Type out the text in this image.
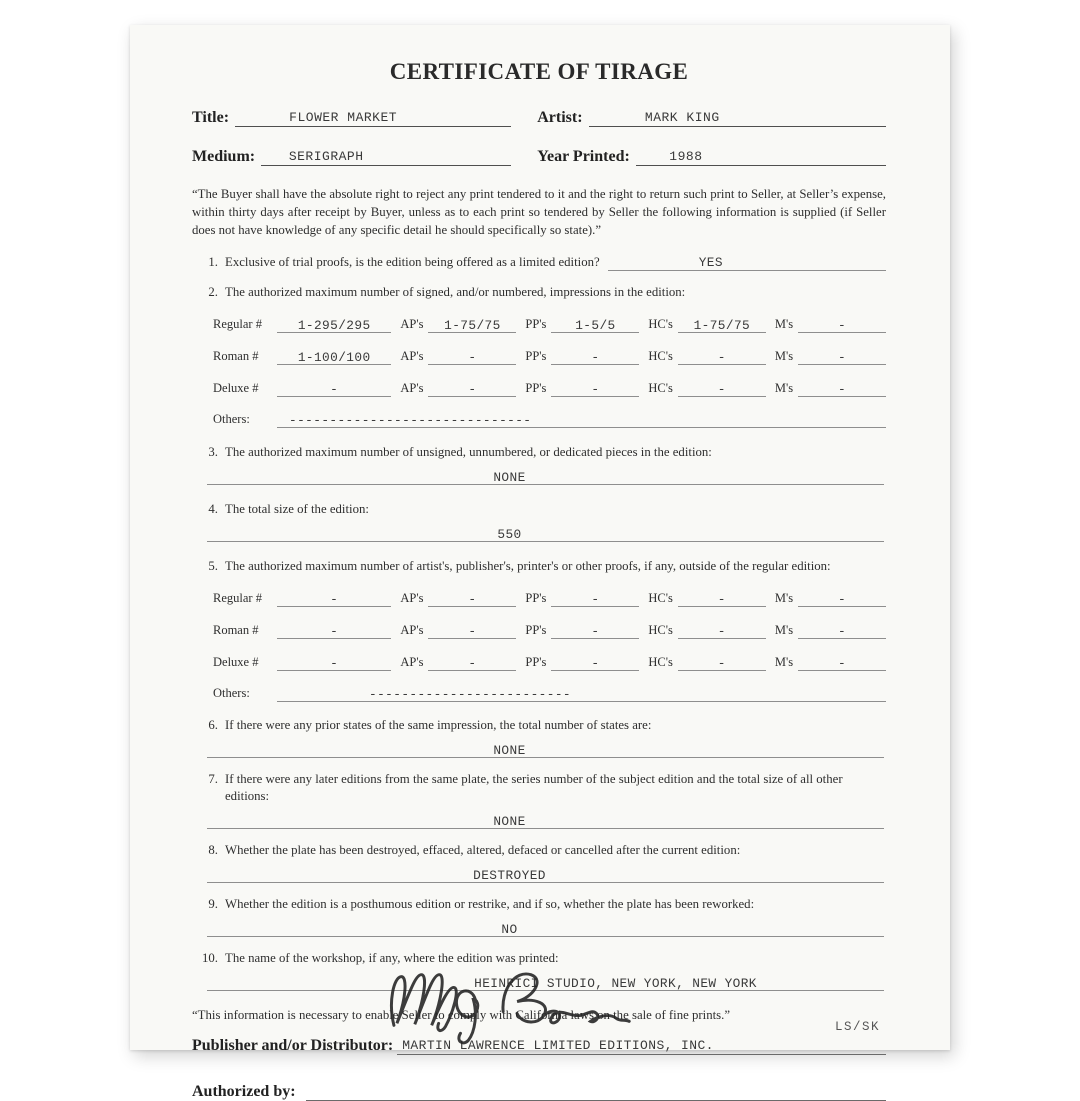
CERTIFICATE OF TIRAGE
Title:	FLOWER MARKET	Artist:	MARK KING
Medium:	SERIGRAPH	Year Printed:	1988

“The Buyer shall have the absolute right to reject any print tendered to it and the right to return such print to Seller, at Seller’s expense, within thirty days after receipt by Buyer, unless as to each print so tendered by Seller the following information is supplied (if Seller does not have knowledge of any specific detail he should specifically so state).”

1. Exclusive of trial proofs, is the edition being offered as a limited edition?	YES
2. The authorized maximum number of signed, and/or numbered, impressions in the edition:
Regular #	1-295/295	AP's	1-75/75	PP's	1-5/5	HC's	1-75/75	M's	-
Roman #	1-100/100	AP's	-	PP's	-	HC's	-	M's	-
Deluxe #	-	AP's	-	PP's	-	HC's	-	M's	-
Others:	------------------------------
3. The authorized maximum number of unsigned, unnumbered, or dedicated pieces in the edition:
NONE
4. The total size of the edition:
550
5. The authorized maximum number of artist's, publisher's, printer's or other proofs, if any, outside of the regular edition:
Regular #	-	AP's	-	PP's	-	HC's	-	M's	-
Roman #	-	AP's	-	PP's	-	HC's	-	M's	-
Deluxe #	-	AP's	-	PP's	-	HC's	-	M's	-
Others:	-------------------------
6. If there were any prior states of the same impression, the total number of states are:
NONE
7. If there were any later editions from the same plate, the series number of the subject edition and the total size of all other editions:
NONE
8. Whether the plate has been destroyed, effaced, altered, defaced or cancelled after the current edition:
DESTROYED
9. Whether the edition is a posthumous edition or restrike, and if so, whether the plate has been reworked:
NO
10. The name of the workshop, if any, where the edition was printed:
HEINRICI STUDIO, NEW YORK, NEW YORK

“This information is necessary to enable Seller to comply with California laws on the sale of fine prints.”

Publisher and/or Distributor: MARTIN LAWRENCE LIMITED EDITIONS, INC.
Authorized by:
LS/SK
